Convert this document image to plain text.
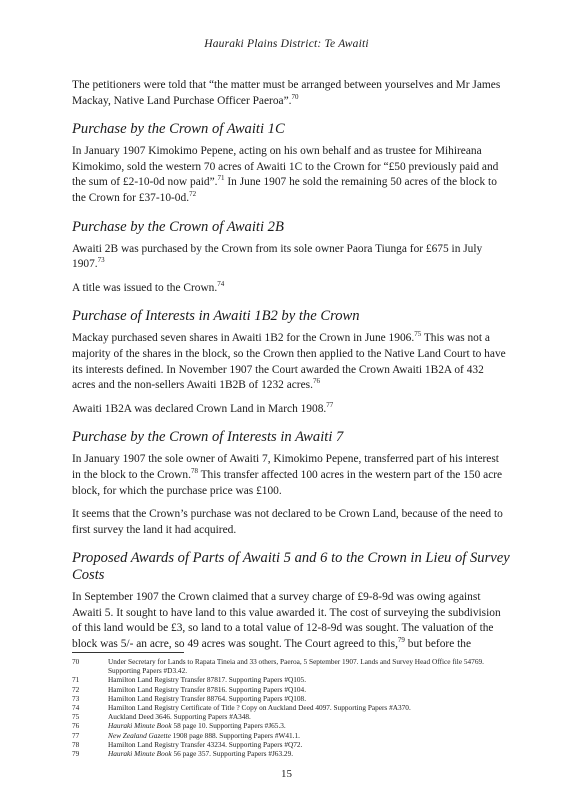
Hauraki Plains District: Te Awaiti

The petitioners were told that “the matter must be arranged between yourselves and Mr James Mackay, Native Land Purchase Officer Paeroa”.$^{70}$

Purchase by the Crown of Awaiti 1C

In January 1907 Kimokimo Pepene, acting on his own behalf and as trustee for Mihireana Kimokimo, sold the western 70 acres of Awaiti 1C to the Crown for “£50 previously paid and the sum of £2-10-0d now paid”.$^{71}$ In June 1907 he sold the remaining 50 acres of the block to the Crown for £37-10-0d.$^{72}$

Purchase by the Crown of Awaiti 2B

Awaiti 2B was purchased by the Crown from its sole owner Paora Tiunga for £675 in July 1907.73

A title was issued to the Crown.$^{74}$

Purchase of Interests in Awaiti 1B2 by the Crown

Mackay purchased seven shares in Awaiti 1B2 for the Crown in June 1906.75 This was not a majority of the shares in the block, so the Crown then applied to the Native Land Court to have its interests defined. In November 1907 the Court awarded the Crown Awaiti 1B2A of 432 acres and the non-sellers Awaiti 1B2B of 1232 acres.$^{76}$

Awaiti 1B2A was declared Crown Land in March 1908.77

Purchase by the Crown of Interests in Awaiti 7

In January 1907 the sole owner of Awaiti 7, Kimokimo Pepene, transferred part of his interest in the block to the Crown.$^{78}$ This transfer affected 100 acres in the western part of the 150 acre block, for which the purchase price was £100.

It seems that the Crown’s purchase was not declared to be Crown Land, because of the need to first survey the land it had acquired.

Proposed Awards of Parts of Awaiti 5 and 6 to the Crown in Lieu of Survey Costs

In September 1907 the Crown claimed that a survey charge of £9-8-9d was owing against Awaiti 5. It sought to have land to this value awarded it. The cost of surveying the subdivision of this land would be £3, so land to a total value of 12-8-9d was sought. The valuation of the block was 5/- an acre, so 49 acres was sought. The Court agreed to this,$^{79}$ but before the

70	Under Secretary for Lands to Rapata Tineia and 33 others, Paeroa, 5 September 1907. Lands and Survey Head Office file 54769. Supporting Papers #D3.42.
71	Hamilton Land Registry Transfer 87817. Supporting Papers #Q105.
72	Hamilton Land Registry Transfer 87816. Supporting Papers #Q104.
73	Hamilton Land Registry Transfer 88764. Supporting Papers #Q108.
74	Hamilton Land Registry Certificate of Title ? Copy on Auckland Deed 4097. Supporting Papers #A370.
75	Auckland Deed 3646. Supporting Papers #A348.
76	Hauraki Minute Book 58 page 10. Supporting Papers #J65.3.
77	New Zealand Gazette 1908 page 888. Supporting Papers #W41.1.
78	Hamilton Land Registry Transfer 43234. Supporting Papers #Q72.
79	Hauraki Minute Book 56 page 357. Supporting Papers #J63.29.
15
